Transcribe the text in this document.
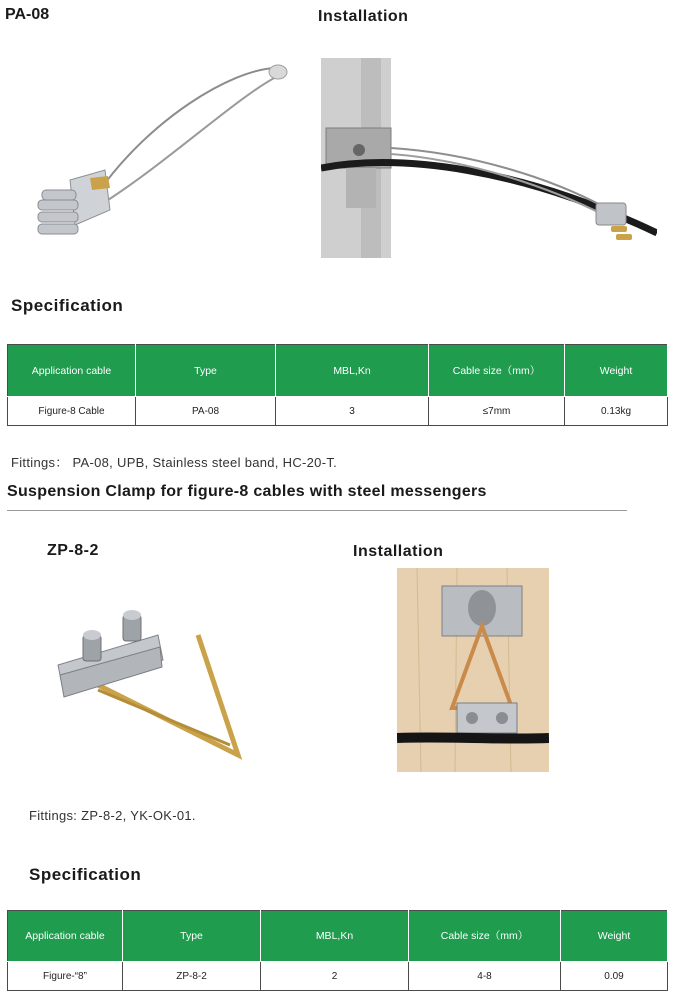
PA-08	Installation
Specification
Application cable	Type	MBL,Kn	Cable size（mm）	Weight
Figure-8 Cable	PA-08	3	≤7mm	0.13kg
Fittings： PA-08, UPB, Stainless steel band, HC-20-T.
Suspension Clamp for figure-8 cables with steel messengers
ZP-8-2	Installation
Fittings: ZP-8-2, YK-OK-01.
Specification
Application cable	Type	MBL,Kn	Cable size（mm）	Weight
Figure-“8”	ZP-8-2	2	4-8	0.09
